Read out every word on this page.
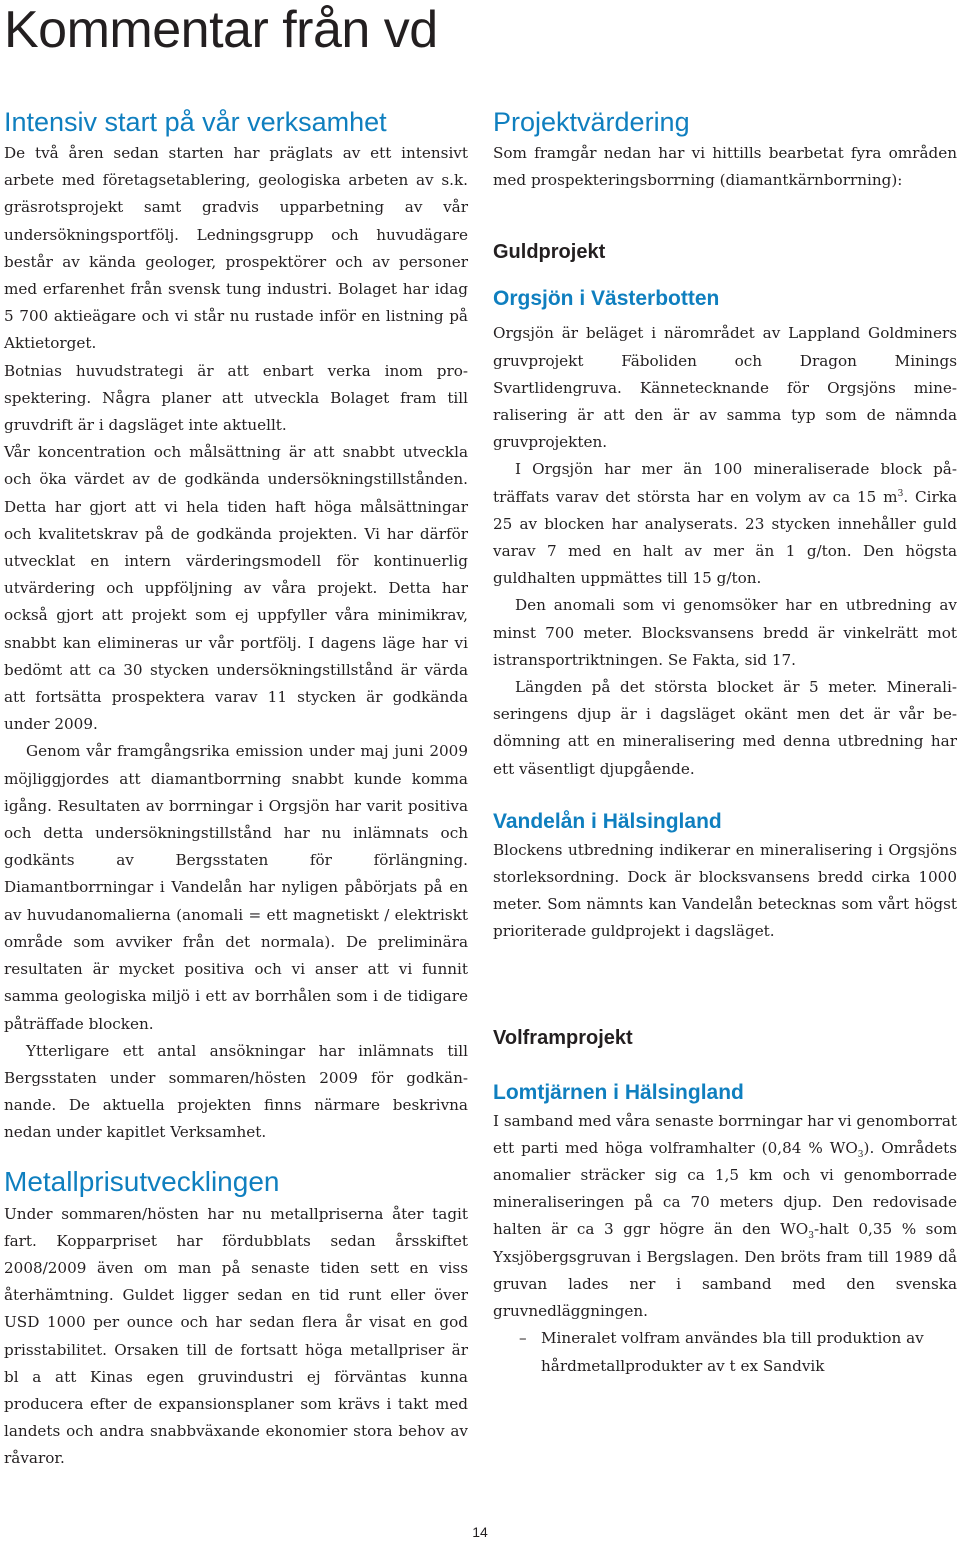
Kommentar från vd
Intensiv start på vår verksamhet

De två åren sedan starten har präglats av ett intensivt arbete med företagsetablering, geologiska arbeten av s.k. gräsrotsprojekt samt gradvis upparbetning av vår undersökningsportfölj. Ledningsgrupp och huvudägare består av kända geologer, prospektörer och av personer med erfarenhet från svensk tung industri. Bolaget har idag 5 700 aktieägare och vi står nu rustade inför en listning på Aktietorget.

Botnias huvudstrategi är att enbart verka inom prospektering. Några planer att utveckla Bolaget fram till gruvdrift är i dagsläget inte aktuellt.

Vår koncentration och målsättning är att snabbt utveckla och öka värdet av de godkända undersökningstillstånden. Detta har gjort att vi hela tiden haft höga målsättningar och kvalitetskrav på de godkända projekten. Vi har därför utvecklat en intern värderingsmodell för kontinuerlig utvärdering och uppföljning av våra projekt. Detta har också gjort att projekt som ej uppfyller våra minimikrav, snabbt kan elimineras ur vår portfölj. I dagens läge har vi bedömt att ca 30 stycken undersökningstillstånd är värda att fortsätta prospektera varav 11 stycken är godkända under 2009.

Genom vår framgångsrika emission under maj juni 2009 möjliggjordes att diamantborrning snabbt kunde komma igång. Resultaten av borrningar i Orgsjön har varit positiva och detta undersökningstillstånd har nu inlämnats och godkänts av Bergsstaten för förlängning. Diamantborrningar i Vandelån har nyligen påbörjats på en av huvudanomalierna (anomali = ett magnetiskt / elektriskt område som avviker från det normala). De preliminära resultaten är mycket positiva och vi anser att vi funnit samma geologiska miljö i ett av borrhålen som i de tidigare påträffade blocken.

Ytterligare ett antal ansökningar har inlämnats till Bergsstaten under sommaren/hösten 2009 för godkännande. De aktuella projekten finns närmare beskrivna nedan under kapitlet Verksamhet.

Metallprisutvecklingen

Under sommaren/hösten har nu metallpriserna åter tagit fart. Kopparpriset har fördubblats sedan årsskiftet 2008/2009 även om man på senaste tiden sett en viss återhämtning. Guldet ligger sedan en tid runt eller över USD 1000 per ounce och har sedan flera år visat en god prisstabilitet. Orsaken till de fortsatt höga metallpriser är bl a att Kinas egen gruvindustri ej förväntas kunna producera efter de expansionsplaner som krävs i takt med landets och andra snabbväxande ekonomier stora behov av råvaror.

Projektvärdering

Som framgår nedan har vi hittills bearbetat fyra områden med prospekteringsborrning (diamantkärnborrning):

Guldprojekt
Orgsjön i Västerbotten

Orgsjön är beläget i närområdet av Lappland Goldminers gruvprojekt Fäboliden och Dragon Minings Svartlidengruva. Kännetecknande för Orgsjöns mineralisering är att den är av samma typ som de nämnda gruvprojekten.

I Orgsjön har mer än 100 mineraliserade block påträffats varav det största har en volym av ca 15 $m^3$. Cirka 25 av blocken har analyserats. 23 stycken innehåller guld varav 7 med en halt av mer än 1 g/ton. Den högsta guldhalten uppmättes till 15 g/ton.

Den anomali som vi genomsöker har en utbredning av minst 700 meter. Blocksvansens bredd är vinkelrätt mot istransportriktningen. Se Fakta, sid 17.

Längden på det största blocket är 5 meter. Mineraliseringens djup är i dagsläget okänt men det är vår bedömning att en mineralisering med denna utbredning har ett väsentligt djupgående.

Vandelån i Hälsingland

Blockens utbredning indikerar en mineralisering i Orgsjöns storleksordning. Dock är blocksvansens bredd cirka 1000 meter. Som nämnts kan Vandelån betecknas som vårt högst prioriterade guldprojekt i dagsläget.

Volframprojekt
Lomtjärnen i Hälsingland

I samband med våra senaste borrningar har vi genomborrat ett parti med höga volframhalter (0,84 % $WO_3$). Områdets anomalier sträcker sig ca 1,5 km och vi genomborrade mineraliseringen på ca 70 meters djup. Den redovisade halten är ca 3 ggr högre än den $WO_3$-halt 0,35 % som Yxsjöbergsgruvan i Bergslagen. Den bröts fram till 1989 då gruvan lades ner i samband med den svenska gruvnedläggningen.

– Mineralet volfram användes bla till produktion av hårdmetallprodukter av t ex Sandvik
14
